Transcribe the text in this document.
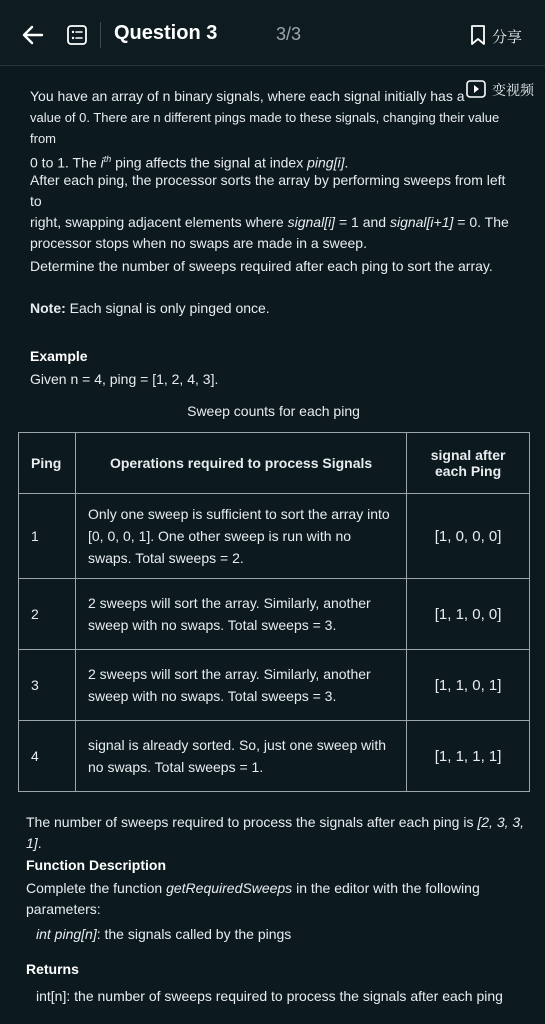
Question 3	3/3	分享
变视频
You have an array of n binary signals, where each signal initially has a
value of 0. There are n different pings made to these signals, changing their value from
0 to 1. The $i^{th}$ ping affects the signal at index ping[i].
After each ping, the processor sorts the array by performing sweeps from left to
right, swapping adjacent elements where signal[i] = 1 and signal[i+1] = 0. The
processor stops when no swaps are made in a sweep.
Determine the number of sweeps required after each ping to sort the array.
Note: Each signal is only pinged once.
Example
Given n = 4, ping = [1, 2, 4, 3].
Sweep counts for each ping
Ping	Operations required to process Signals	signal after each Ping
1	Only one sweep is sufficient to sort the array into [0, 0, 0, 1]. One other sweep is run with no swaps. Total sweeps = 2.	[1, 0, 0, 0]
2	2 sweeps will sort the array. Similarly, another sweep with no swaps. Total sweeps = 3.	[1, 1, 0, 0]
3	2 sweeps will sort the array. Similarly, another sweep with no swaps. Total sweeps = 3.	[1, 1, 0, 1]
4	signal is already sorted. So, just one sweep with no swaps. Total sweeps = 1.	[1, 1, 1, 1]
The number of sweeps required to process the signals after each ping is [2, 3, 3, 1].
Function Description
Complete the function getRequiredSweeps in the editor with the following
parameters:
int ping[n]: the signals called by the pings
Returns
int[n]: the number of sweeps required to process the signals after each ping
